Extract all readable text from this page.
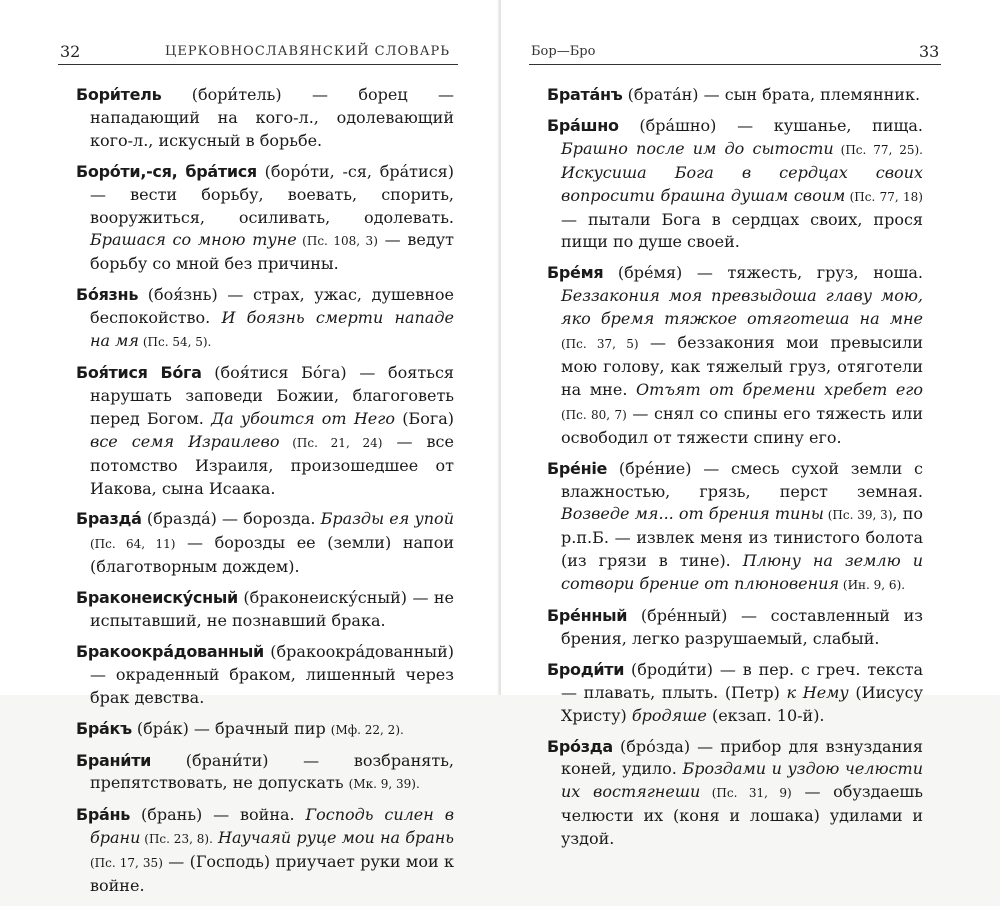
32	ЦЕРКОВНОСЛАВЯНСКИЙ СЛОВАРЬ

Бори́тель (бори́тель) — борец — нападающий на кого-л., одолевающий кого-л., искусный в борьбе.

Боро́ти,-ся, бра́тися (боро́ти, -ся, бра́тися) — вести борьбу, воевать, спорить, вооружиться, осиливать, одолевать. Брашася со мною туне (Пс. 108, 3) — ведут борьбу со мной без причины.

Бо́язнь (боя́знь) — страх, ужас, душевное беспокойство. И боязнь смерти нападе на мя (Пс. 54, 5).

Боя́тися Бо́га (боя́тися Бо́га) — бояться нарушать заповеди Божии, благоговеть перед Богом. Да убоится от Него (Бога) все семя Израилево (Пс. 21, 24) — все потомство Израиля, произошедшее от Иакова, сына Исаака.

Бразда́ (бразда́) — борозда. Бразды ея упой (Пс. 64, 11) — борозды ее (земли) напои (благотворным дождем).

Браконеиску́сный (браконеиску́сный) — не испытавший, не познавший брака.

Бракоокра́дованный (бракоокра́дованный) — окраденный браком, лишенный через брак девства.

Бра́къ (бра́к) — брачный пир (Мф. 22, 2).

Брани́ти (брани́ти) — возбранять, препятствовать, не допускать (Мк. 9, 39).

Бра́нь (брань) — война. Господь силен в брани (Пс. 23, 8). Научаяй руце мои на брань (Пс. 17, 35) — (Господь) приучает руки мои к войне.

Бор—Бро	33

Брата́нъ (брата́н) — сын брата, племянник.

Бра́шно (бра́шно) — кушанье, пища. Брашно после им до сытости (Пс. 77, 25). Искусиша Бога в сердцах своих вопросити брашна душам своим (Пс. 77, 18) — пытали Бога в сердцах своих, прося пищи по душе своей.

Бре́мя (бре́мя) — тяжесть, груз, ноша. Беззакония моя превзыдоша главу мою, яко бремя тяжкое отяготеша на мне (Пс. 37, 5) — беззакония мои превысили мою голову, как тяжелый груз, отяготели на мне. Отъят от бремени хребет его (Пс. 80, 7) — снял со спины его тяжесть или освободил от тяжести спину его.

Бре́ніе (бре́ние) — смесь сухой земли с влажностью, грязь, перст земная. Возведе мя... от брения тины (Пс. 39, 3), по р.п.Б. — извлек меня из тинистого болота (из грязи в тине). Плюну на землю и сотвори брение от плюновения (Ин. 9, 6).

Бре́нный (бре́нный) — составленный из брения, легко разрушаемый, слабый.

Броди́ти (броди́ти) — в пер. с греч. текста — плавать, плыть. (Петр) к Нему (Иисусу Христу) бродяше (екзап. 10-й).

Бро́зда (бро́зда) — прибор для взнуздания коней, удило. Броздами и уздою челюсти их востягнеши (Пс. 31, 9) — обуздаешь челюсти их (коня и лошака) удилами и уздой.
